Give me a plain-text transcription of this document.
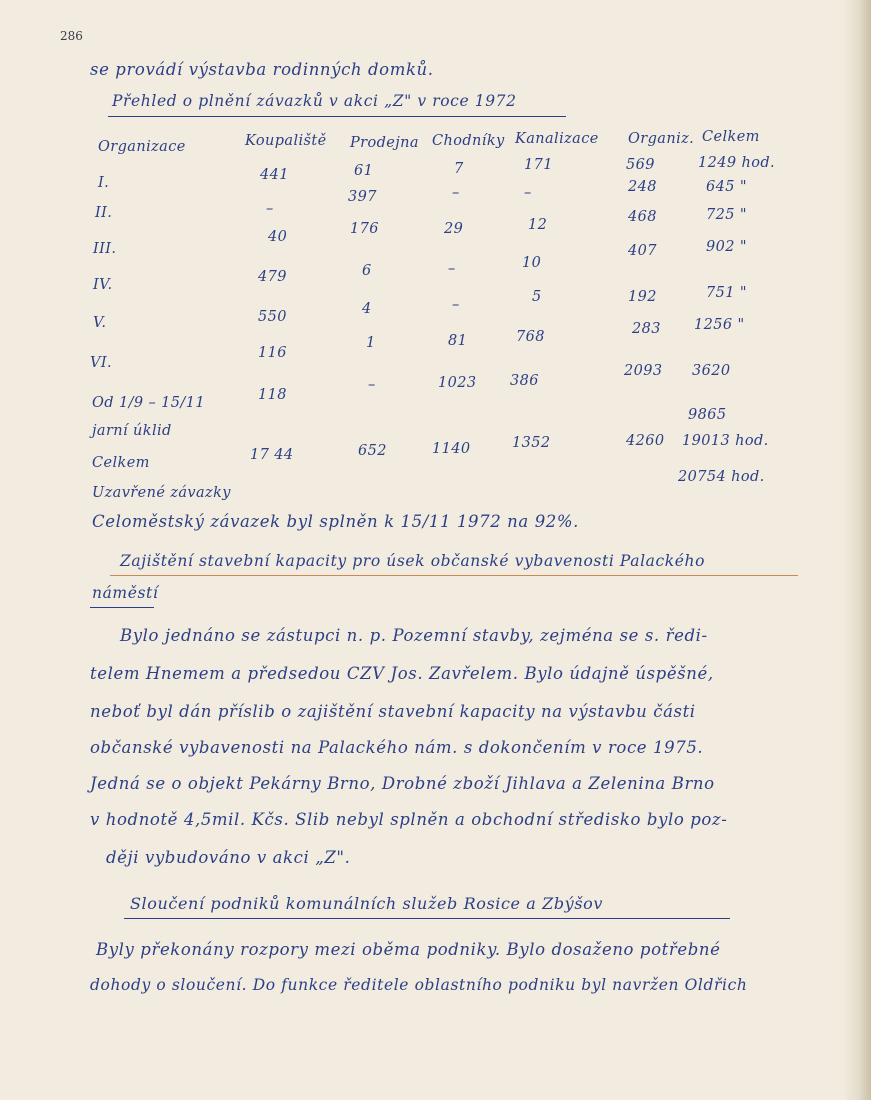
286
se provádí výstavba rodinných domků.
Přehled o plnění závazků v akci „Z" v roce 1972
Organizace	Koupaliště Prodejna Chodníky Kanalizace Organiz. Celkem
I.
II.
III.
IV.
V.
VI.
Od 1/9 – 15/11
jarní úklid
Celkem
Uzavřené závazky
441
–
40
479
550
116
118
17 44
61
397
176
6
4
1
–
652
7
–
29
–
–
81
1023
1140
171
–
12
10
5
768
386
1352
569
248
468
407
192
283
2093
4260
1249 hod.
645 "
725 "
902 "
751 "
1256 "
3620
9865
19013 hod.
20754 hod.
Celoměstský závazek byl splněn k 15/11 1972 na 92%.
Zajištění stavební kapacity pro úsek občanské vybavenosti Palackého
náměstí
Bylo jednáno se zástupci n. p. Pozemní stavby, zejména se s. ředi-
telem Hnemem a předsedou CZV Jos. Zavřelem. Bylo údajně úspěšné,
neboť byl dán příslib o zajištění stavební kapacity na výstavbu části
občanské vybavenosti na Palackého nám. s dokončením v roce 1975.
Jedná se o objekt Pekárny Brno, Drobné zboží Jihlava a Zelenina Brno
v hodnotě 4,5mil. Kčs. Slib nebyl splněn a obchodní středisko bylo poz-
ději vybudováno v akci „Z".
Sloučení podniků komunálních služeb Rosice a Zbýšov
Byly překonány rozpory mezi oběma podniky. Bylo dosaženo potřebné
dohody o sloučení. Do funkce ředitele oblastního podniku byl navržen Oldřich
